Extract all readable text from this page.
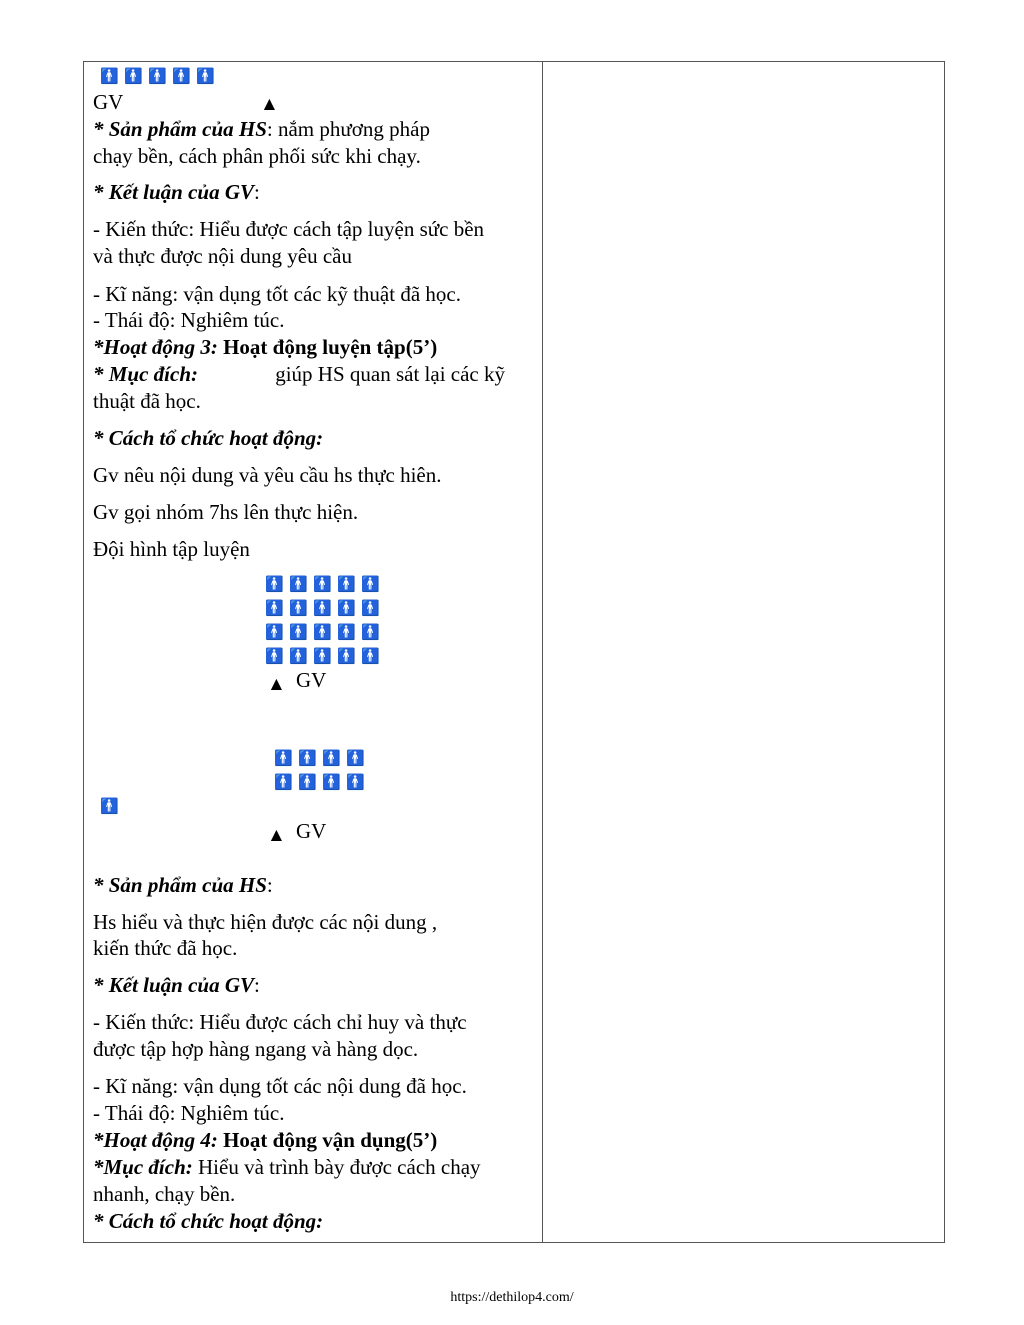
🚹 🚹 🚹 🚹 🚹
GV	▲
* Sản phẩm của HS: nắm phương pháp
chạy bền, cách phân phối sức khi chạy.
* Kết luận của GV:
- Kiến thức: Hiểu được cách tập luyện sức bền
và thực được nội dung yêu cầu
- Kĩ năng: vận dụng tốt các kỹ thuật đã học.
- Thái độ: Nghiêm túc.
*Hoạt động 3: Hoạt động luyện tập(5’)
* Mục đích:	giúp HS quan sát lại các kỹ
thuật đã học.
* Cách tổ chức hoạt động:
Gv nêu nội dung và yêu cầu hs thực hiên.
Gv gọi nhóm 7hs lên thực hiện.
Đội hình tập luyện
🚹 🚹 🚹 🚹 🚹
🚹 🚹 🚹 🚹 🚹
🚹 🚹 🚹 🚹 🚹
🚹 🚹 🚹 🚹 🚹
▲ GV
🚹 🚹 🚹 🚹
🚹 🚹 🚹 🚹
🚹
▲ GV
* Sản phẩm của HS:
Hs hiểu và thực hiện được các nội dung ,
kiến thức đã học.
* Kết luận của GV:
- Kiến thức: Hiểu được cách chỉ huy và thực
được tập hợp hàng ngang và hàng dọc.
- Kĩ năng: vận dụng tốt các nội dung đã học.
- Thái độ: Nghiêm túc.
*Hoạt động 4: Hoạt động vận dụng(5’)
*Mục đích: Hiểu và trình bày được cách chạy
nhanh, chạy bền.
* Cách tổ chức hoạt động:
https://dethilop4.com/
